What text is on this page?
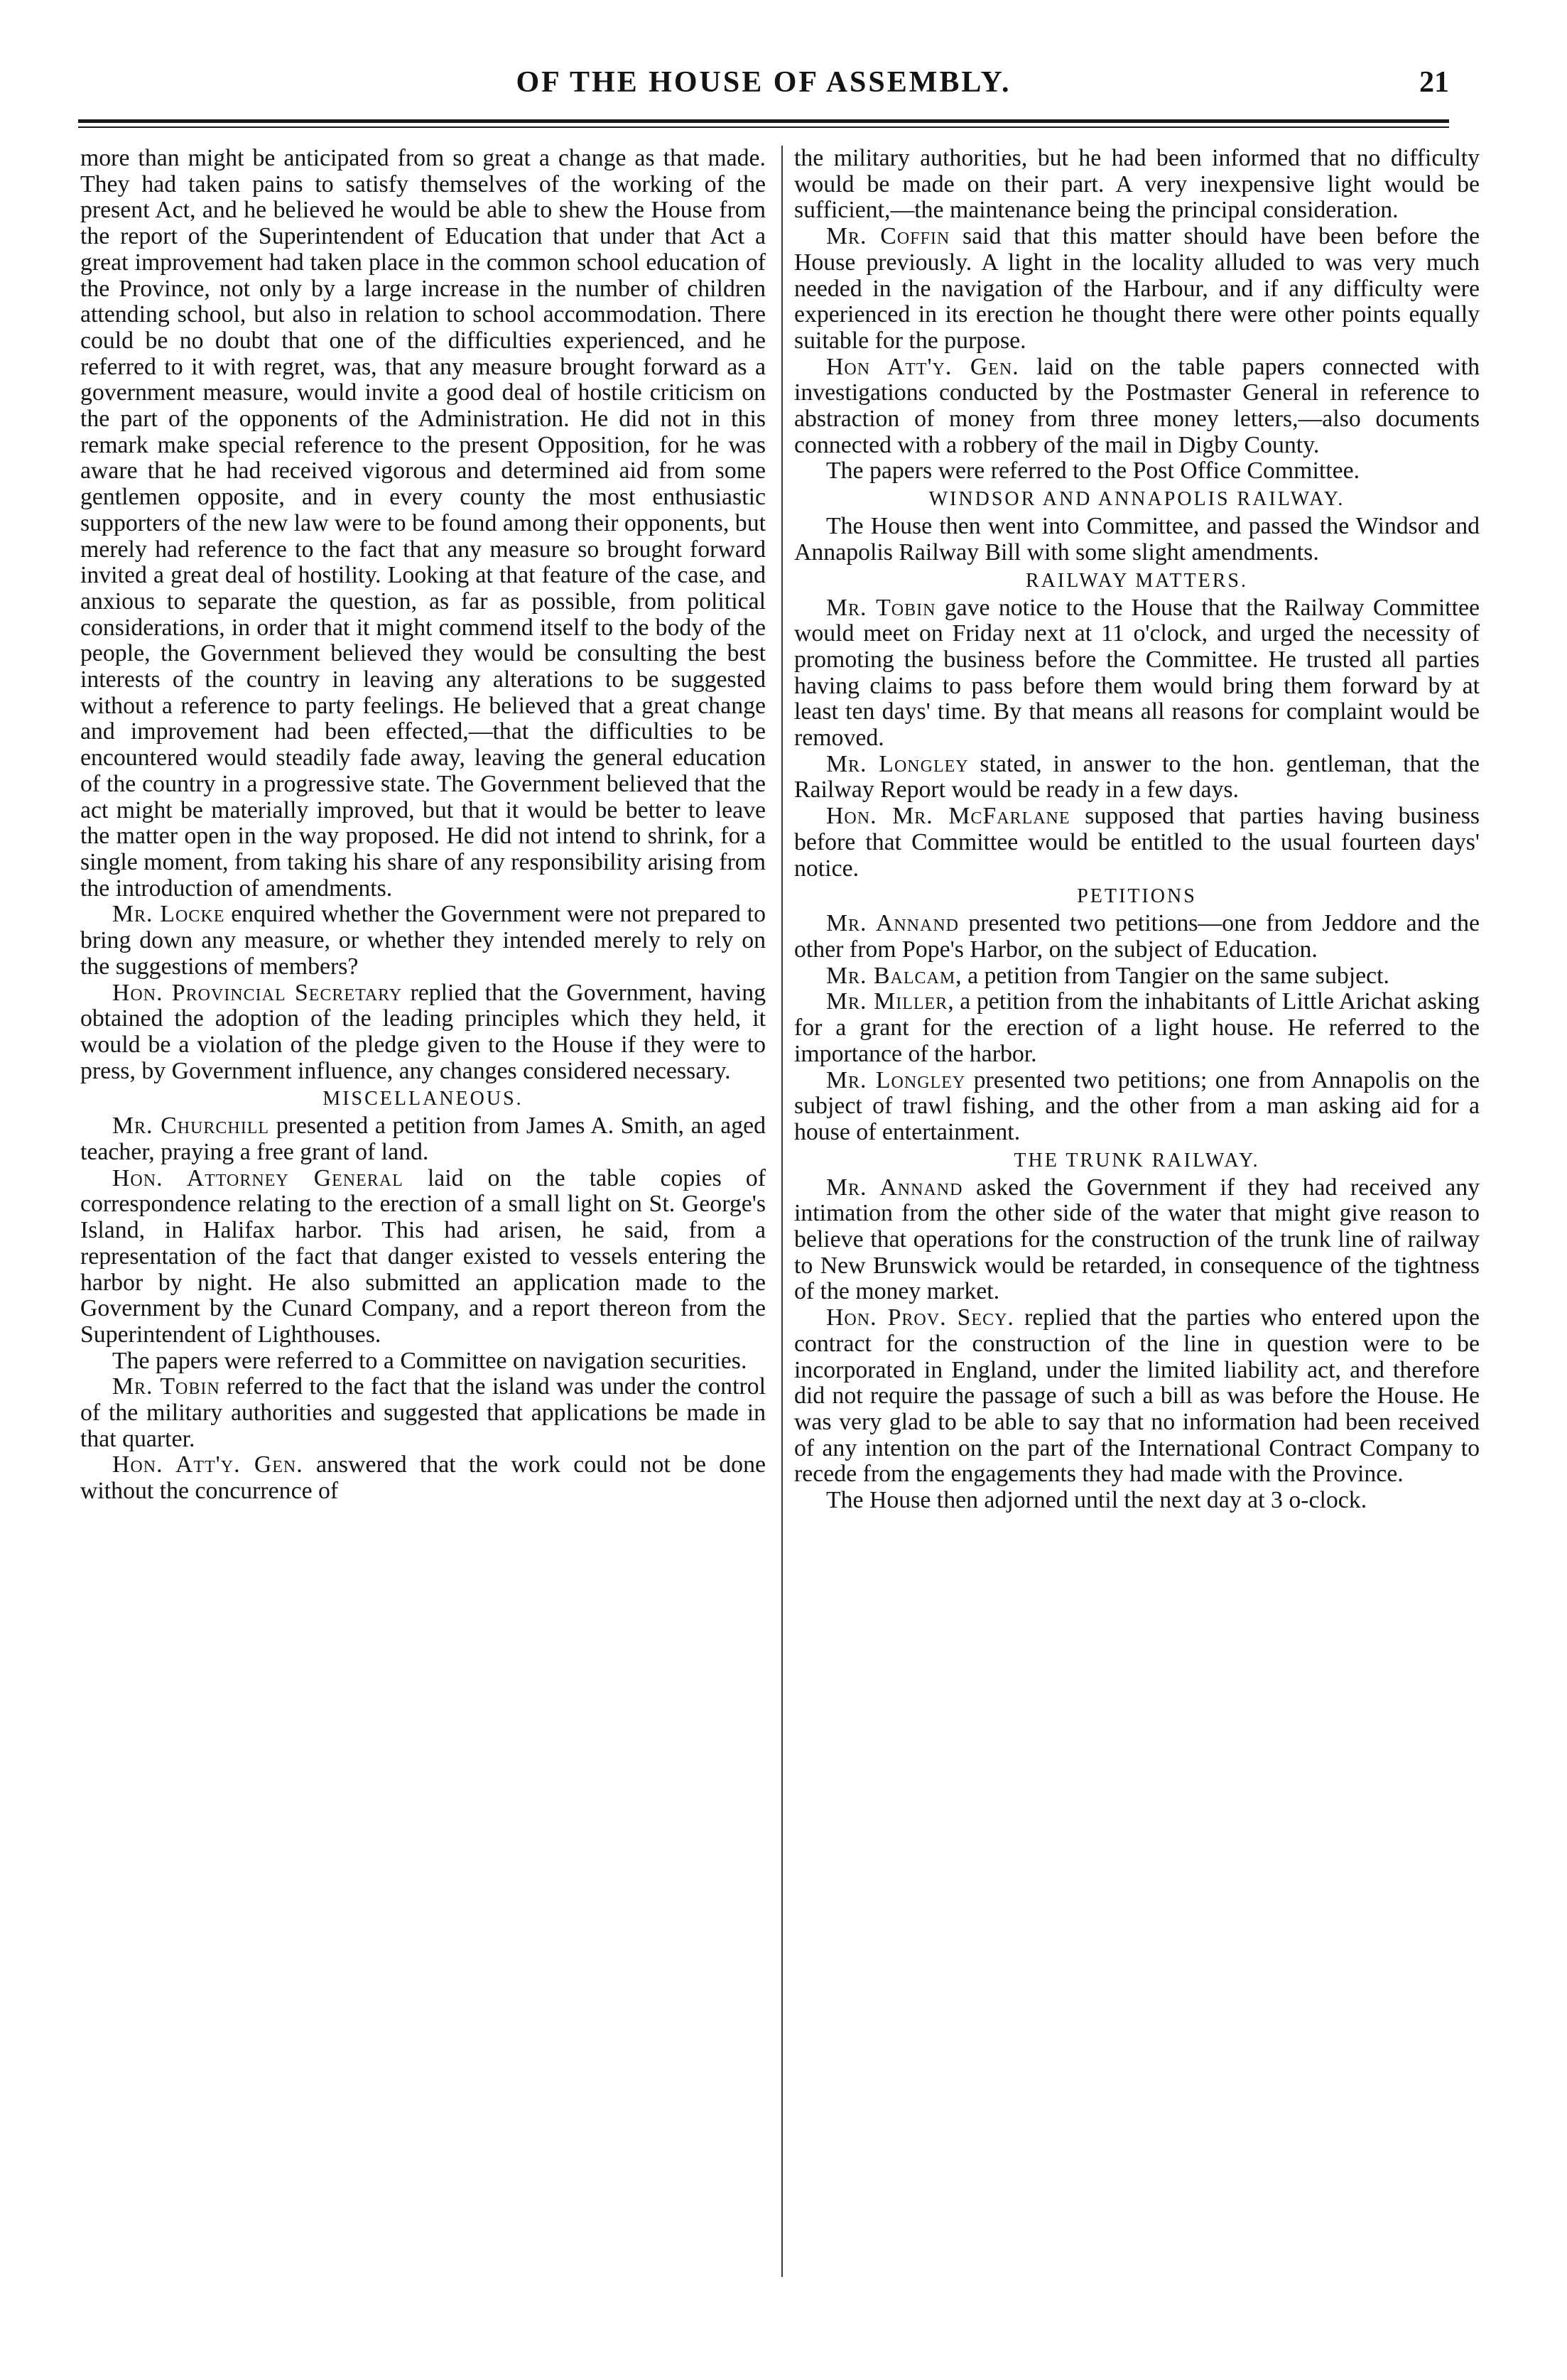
OF THE HOUSE OF ASSEMBLY.	21

more than might be anticipated from so great a change as that made. They had taken pains to satisfy themselves of the working of the present Act, and he believed he would be able to shew the House from the report of the Superintendent of Education that under that Act a great improvement had taken place in the common school education of the Province, not only by a large increase in the number of children attending school, but also in relation to school accommodation. There could be no doubt that one of the difficulties experienced, and he referred to it with regret, was, that any measure brought forward as a government measure, would invite a good deal of hostile criticism on the part of the opponents of the Administration. He did not in this remark make special reference to the present Opposition, for he was aware that he had received vigorous and determined aid from some gentlemen opposite, and in every county the most enthusiastic supporters of the new law were to be found among their opponents, but merely had reference to the fact that any measure so brought forward invited a great deal of hostility. Looking at that feature of the case, and anxious to separate the question, as far as possible, from political considerations, in order that it might commend itself to the body of the people, the Government believed they would be consulting the best interests of the country in leaving any alterations to be suggested without a reference to party feelings. He believed that a great change and improvement had been effected,—that the difficulties to be encountered would steadily fade away, leaving the general education of the country in a progressive state. The Government believed that the act might be materially improved, but that it would be better to leave the matter open in the way proposed. He did not intend to shrink, for a single moment, from taking his share of any responsibility arising from the introduction of amendments.

Mr. Locke enquired whether the Government were not prepared to bring down any measure, or whether they intended merely to rely on the suggestions of members?

Hon. Provincial Secretary replied that the Government, having obtained the adoption of the leading principles which they held, it would be a violation of the pledge given to the House if they were to press, by Government influence, any changes considered necessary.

MISCELLANEOUS.

Mr. Churchill presented a petition from James A. Smith, an aged teacher, praying a free grant of land.

Hon. Attorney General laid on the table copies of correspondence relating to the erection of a small light on St. George's Island, in Halifax harbor. This had arisen, he said, from a representation of the fact that danger existed to vessels entering the harbor by night. He also submitted an application made to the Government by the Cunard Company, and a report thereon from the Superintendent of Lighthouses.

The papers were referred to a Committee on navigation securities.

Mr. Tobin referred to the fact that the island was under the control of the military authorities and suggested that applications be made in that quarter.

Hon. Att'y. Gen. answered that the work could not be done without the concurrence of

the military authorities, but he had been informed that no difficulty would be made on their part. A very inexpensive light would be sufficient,—the maintenance being the principal consideration.

Mr. Coffin said that this matter should have been before the House previously. A light in the locality alluded to was very much needed in the navigation of the Harbour, and if any difficulty were experienced in its erection he thought there were other points equally suitable for the purpose.

Hon Att'y. Gen. laid on the table papers connected with investigations conducted by the Postmaster General in reference to abstraction of money from three money letters,—also documents connected with a robbery of the mail in Digby County.

The papers were referred to the Post Office Committee.

WINDSOR AND ANNAPOLIS RAILWAY.

The House then went into Committee, and passed the Windsor and Annapolis Railway Bill with some slight amendments.

RAILWAY MATTERS.

Mr. Tobin gave notice to the House that the Railway Committee would meet on Friday next at 11 o'clock, and urged the necessity of promoting the business before the Committee. He trusted all parties having claims to pass before them would bring them forward by at least ten days' time. By that means all reasons for complaint would be removed.

Mr. Longley stated, in answer to the hon. gentleman, that the Railway Report would be ready in a few days.

Hon. Mr. McFarlane supposed that parties having business before that Committee would be entitled to the usual fourteen days' notice.

PETITIONS

Mr. Annand presented two petitions—one from Jeddore and the other from Pope's Harbor, on the subject of Education.

Mr. Balcam, a petition from Tangier on the same subject.

Mr. Miller, a petition from the inhabitants of Little Arichat asking for a grant for the erection of a light house. He referred to the importance of the harbor.

Mr. Longley presented two petitions; one from Annapolis on the subject of trawl fishing, and the other from a man asking aid for a house of entertainment.

THE TRUNK RAILWAY.

Mr. Annand asked the Government if they had received any intimation from the other side of the water that might give reason to believe that operations for the construction of the trunk line of railway to New Brunswick would be retarded, in consequence of the tightness of the money market.

Hon. Prov. Secy. replied that the parties who entered upon the contract for the construction of the line in question were to be incorporated in England, under the limited liability act, and therefore did not require the passage of such a bill as was before the House. He was very glad to be able to say that no information had been received of any intention on the part of the International Contract Company to recede from the engagements they had made with the Province.

The House then adjorned until the next day at 3 o-clock.
